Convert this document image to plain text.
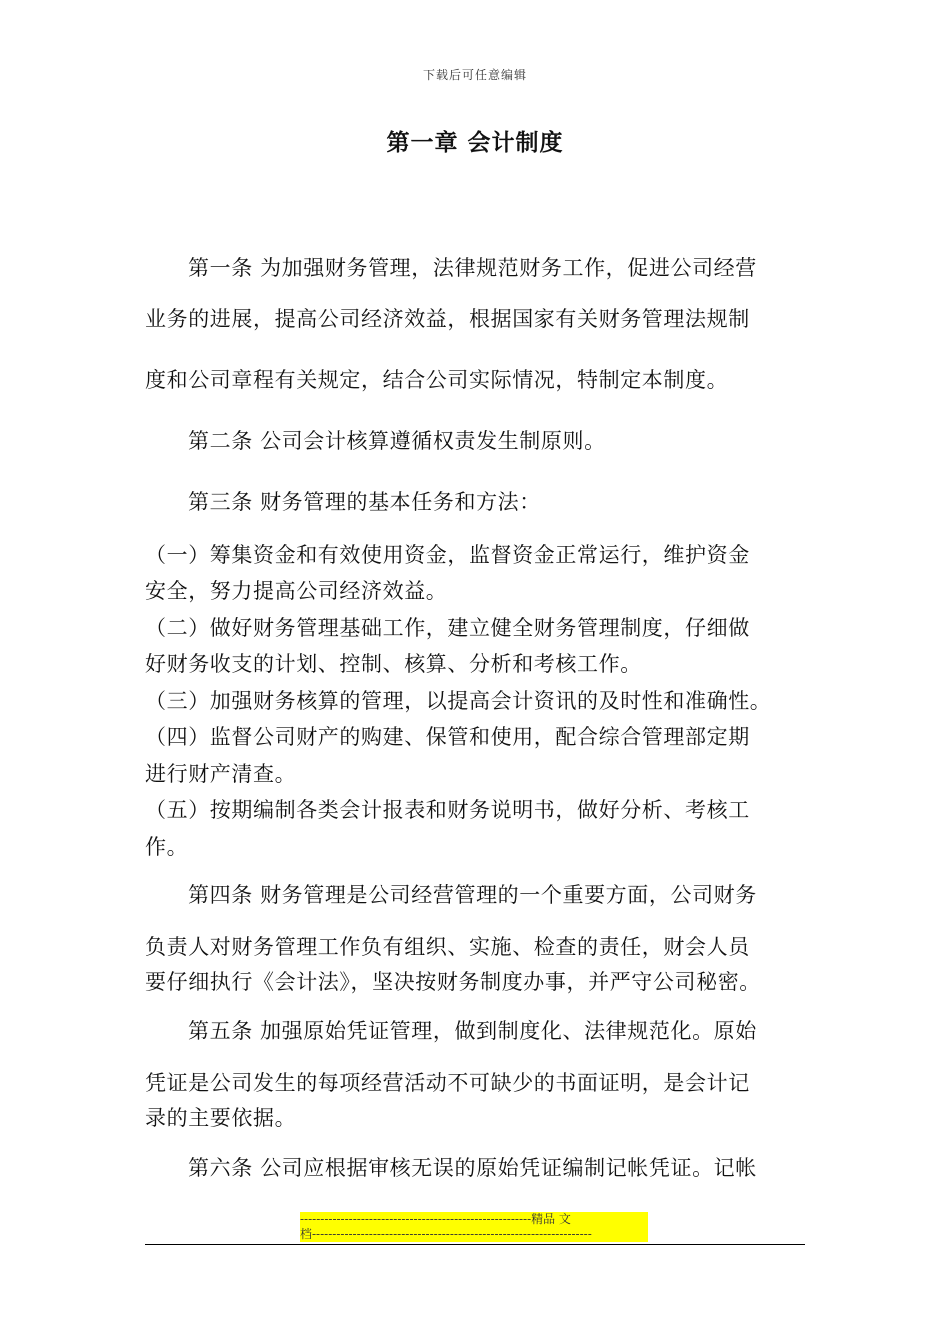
下载后可任意编辑
第一章 会计制度
第一条 为加强财务管理，法律规范财务工作，促进公司经营
业务的进展，提高公司经济效益，根据国家有关财务管理法规制
度和公司章程有关规定，结合公司实际情况，特制定本制度。
第二条 公司会计核算遵循权责发生制原则。
第三条 财务管理的基本任务和方法：
（一）筹集资金和有效使用资金，监督资金正常运行，维护资金
安全，努力提高公司经济效益。
（二）做好财务管理基础工作，建立健全财务管理制度，仔细做
好财务收支的计划、控制、核算、分析和考核工作。
（三）加强财务核算的管理，以提高会计资讯的及时性和准确性。
（四）监督公司财产的购建、保管和使用，配合综合管理部定期
进行财产清查。
（五）按期编制各类会计报表和财务说明书，做好分析、考核工
作。
第四条 财务管理是公司经营管理的一个重要方面，公司财务
负责人对财务管理工作负有组织、实施、检查的责任，财会人员
要仔细执行《会计法》，坚决按财务制度办事，并严守公司秘密。
第五条 加强原始凭证管理，做到制度化、法律规范化。原始
凭证是公司发生的每项经营活动不可缺少的书面证明，是会计记
录的主要依据。
第六条 公司应根据审核无误的原始凭证编制记帐凭证。记帐
---------------------------------------------------------精品 文
档---------------------------------------------------------------------
